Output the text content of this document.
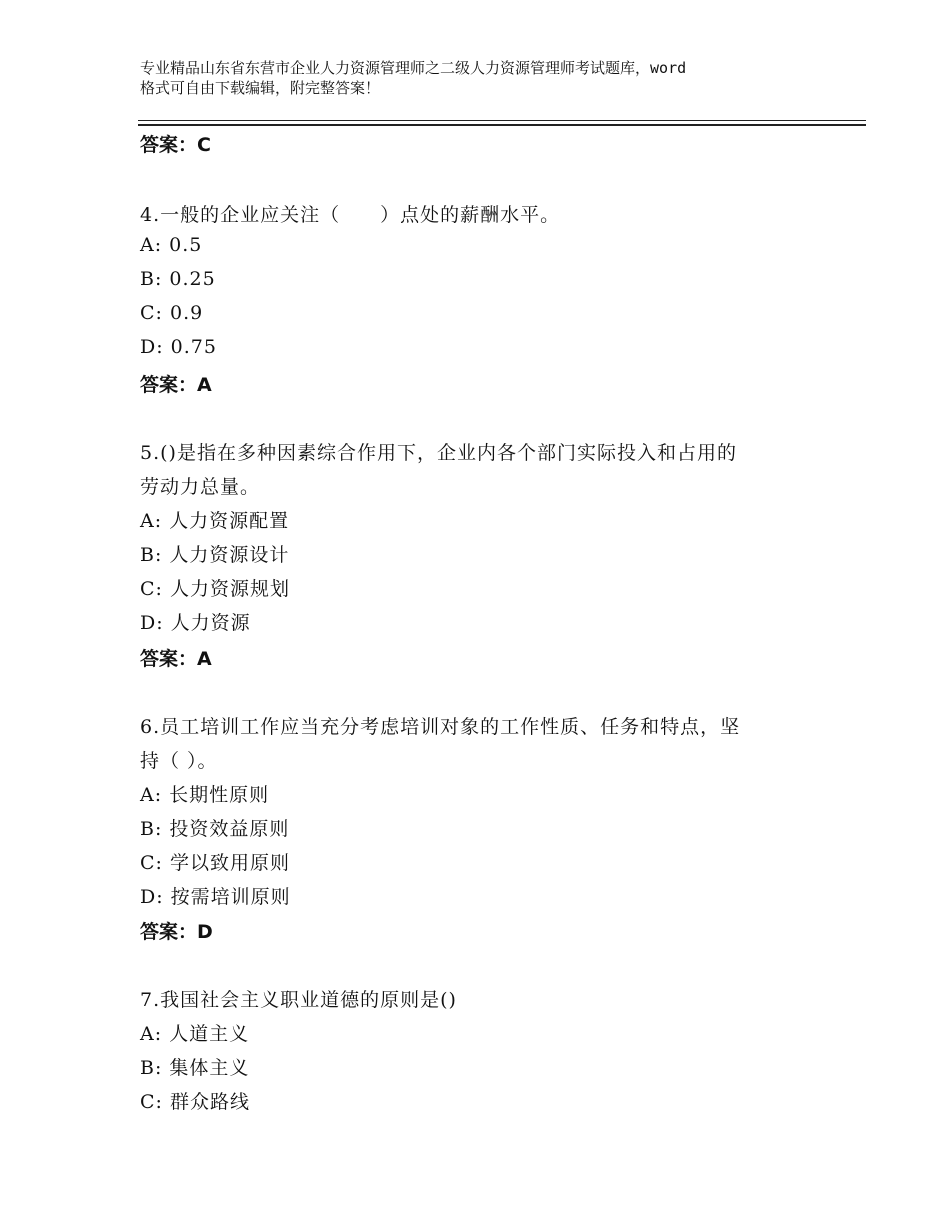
专业精品山东省东营市企业人力资源管理师之二级人力资源管理师考试题库，word
格式可自由下载编辑，附完整答案！
答案：C
4.一般的企业应关注（　　）点处的薪酬水平。
A: 0.5
B: 0.25
C: 0.9
D: 0.75
答案：A
5.()是指在多种因素综合作用下，企业内各个部门实际投入和占用的
劳动力总量。
A: 人力资源配置
B: 人力资源设计
C: 人力资源规划
D: 人力资源
答案：A
6.员工培训工作应当充分考虑培训对象的工作性质、任务和特点，坚
持（ ）。
A: 长期性原则
B: 投资效益原则
C: 学以致用原则
D: 按需培训原则
答案：D
7.我国社会主义职业道德的原则是()
A: 人道主义
B: 集体主义
C: 群众路线
